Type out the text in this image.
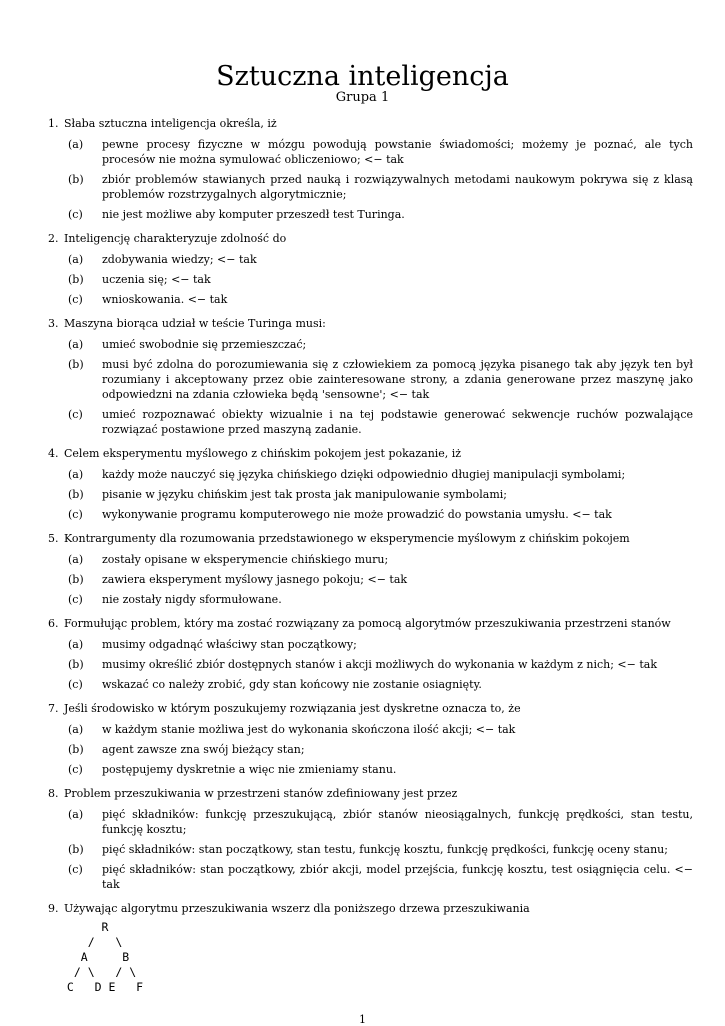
Sztuczna inteligencja
Grupa 1
1. Słaba sztuczna inteligencja określa, iż
(a)	pewne procesy fizyczne w mózgu powodują powstanie świadomości; możemy je poznać, ale tych procesów nie można symulować obliczeniowo; <− tak
(b)	zbiór problemów stawianych przed nauką i rozwiązywalnych metodami naukowym pokrywa się z klasą problemów rozstrzygalnych algorytmicznie;
(c)	nie jest możliwe aby komputer przeszedł test Turinga.
2. Inteligencję charakteryzuje zdolność do
(a)	zdobywania wiedzy; <− tak
(b)	uczenia się; <− tak
(c)	wnioskowania. <− tak
3. Maszyna biorąca udział w teście Turinga musi:
(a)	umieć swobodnie się przemieszczać;
(b)	musi być zdolna do porozumiewania się z człowiekiem za pomocą języka pisanego tak aby język ten był rozumiany i akceptowany przez obie zainteresowane strony, a zdania generowane przez maszynę jako odpowiedzni na zdania człowieka będą 'sensowne'; <− tak
(c)	umieć rozpoznawać obiekty wizualnie i na tej podstawie generować sekwencje ruchów pozwalające rozwiązać postawione przed maszyną zadanie.
4. Celem eksperymentu myślowego z chińskim pokojem jest pokazanie, iż
(a)	każdy może nauczyć się języka chińskiego dzięki odpowiednio długiej manipulacji symbolami;
(b)	pisanie w języku chińskim jest tak prosta jak manipulowanie symbolami;
(c)	wykonywanie programu komputerowego nie może prowadzić do powstania umysłu. <− tak
5. Kontrargumenty dla rozumowania przedstawionego w eksperymencie myślowym z chińskim pokojem
(a)	zostały opisane w eksperymencie chińskiego muru;
(b)	zawiera eksperyment myślowy jasnego pokoju; <− tak
(c)	nie zostały nigdy sformułowane.
6. Formułując problem, który ma zostać rozwiązany za pomocą algorytmów przeszukiwania przestrzeni stanów
(a)	musimy odgadnąć właściwy stan początkowy;
(b)	musimy określić zbiór dostępnych stanów i akcji możliwych do wykonania w każdym z nich; <− tak
(c)	wskazać co należy zrobić, gdy stan końcowy nie zostanie osiagnięty.
7. Jeśli środowisko w którym poszukujemy rozwiązania jest dyskretne oznacza to, że
(a)	w każdym stanie możliwa jest do wykonania skończona ilość akcji; <− tak
(b)	agent zawsze zna swój bieżący stan;
(c)	postępujemy dyskretnie a więc nie zmieniamy stanu.
8. Problem przeszukiwania w przestrzeni stanów zdefiniowany jest przez
(a)	pięć składników: funkcję przeszukującą, zbiór stanów nieosiągalnych, funkcję prędkości, stan testu, funkcję kosztu;
(b)	pięć składników: stan początkowy, stan testu, funkcję kosztu, funkcję prędkości, funkcję oceny stanu;
(c)	pięć składników: stan początkowy, zbiór akcji, model przejścia, funkcję kosztu, test osiągnięcia celu. <− tak
9. Używając algorytmu przeszukiwania wszerz dla poniższego drzewa przeszukiwania
R
/   \
A     B
/ \   / \
C   D E   F
1
